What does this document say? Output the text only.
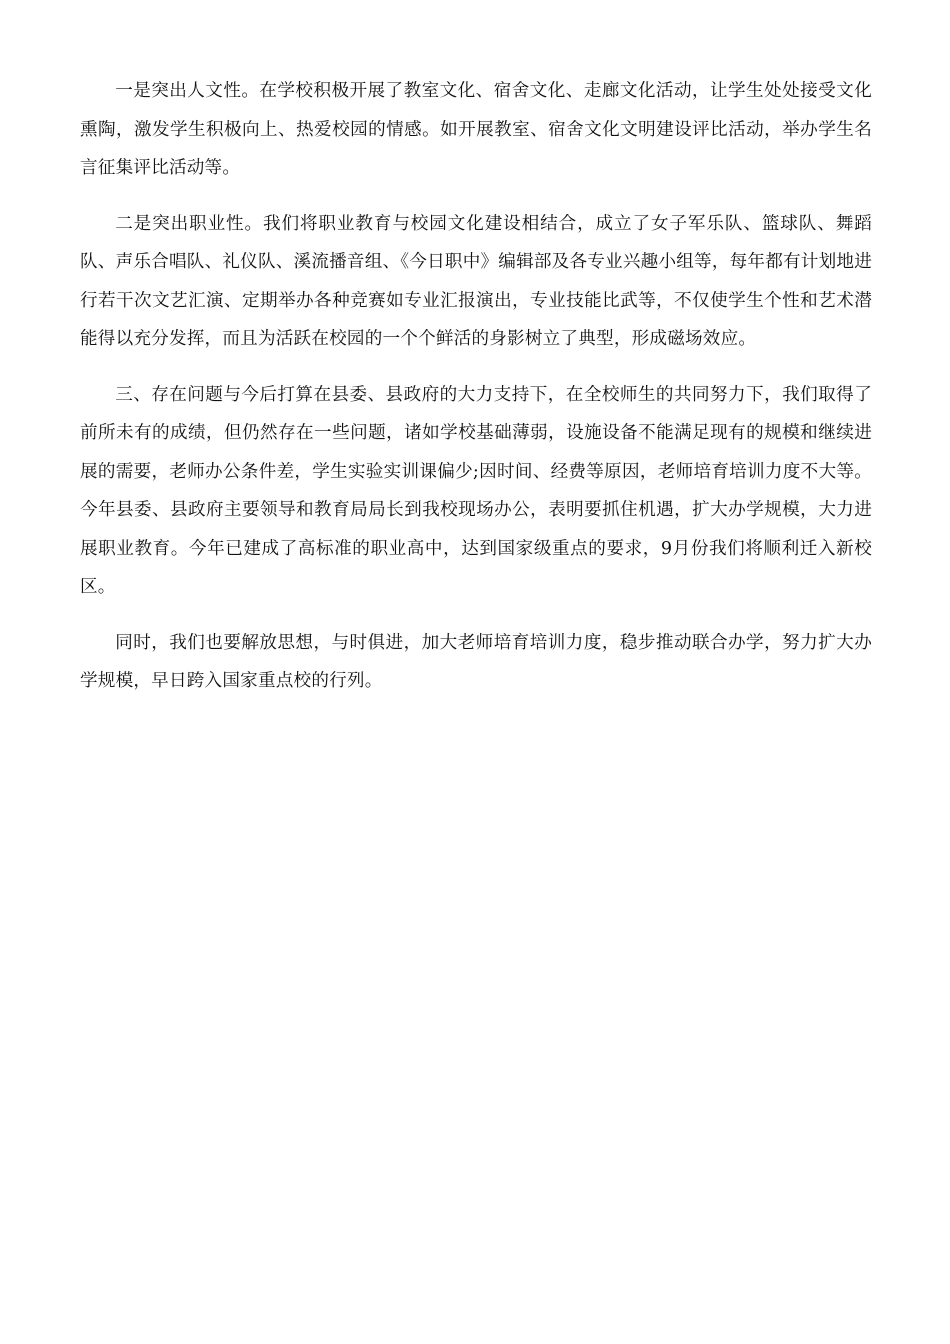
一是突出人文性。在学校积极开展了教室文化、宿舍文化、走廊文化活动，让学生处处接受文化熏陶，激发学生积极向上、热爱校园的情感。如开展教室、宿舍文化文明建设评比活动，举办学生名言征集评比活动等。

二是突出职业性。我们将职业教育与校园文化建设相结合，成立了女子军乐队、篮球队、舞蹈队、声乐合唱队、礼仪队、溪流播音组、《今日职中》编辑部及各专业兴趣小组等，每年都有计划地进行若干次文艺汇演、定期举办各种竞赛如专业汇报演出，专业技能比武等，不仅使学生个性和艺术潜能得以充分发挥，而且为活跃在校园的一个个鲜活的身影树立了典型，形成磁场效应。

三、存在问题与今后打算在县委、县政府的大力支持下，在全校师生的共同努力下，我们取得了前所未有的成绩，但仍然存在一些问题，诸如学校基础薄弱，设施设备不能满足现有的规模和继续进展的需要，老师办公条件差，学生实验实训课偏少;因时间、经费等原因，老师培育培训力度不大等。今年县委、县政府主要领导和教育局局长到我校现场办公，表明要抓住机遇，扩大办学规模，大力进展职业教育。今年已建成了高标准的职业高中，达到国家级重点的要求，9月份我们将顺利迁入新校区。

同时，我们也要解放思想，与时俱进，加大老师培育培训力度，稳步推动联合办学，努力扩大办学规模，早日跨入国家重点校的行列。
